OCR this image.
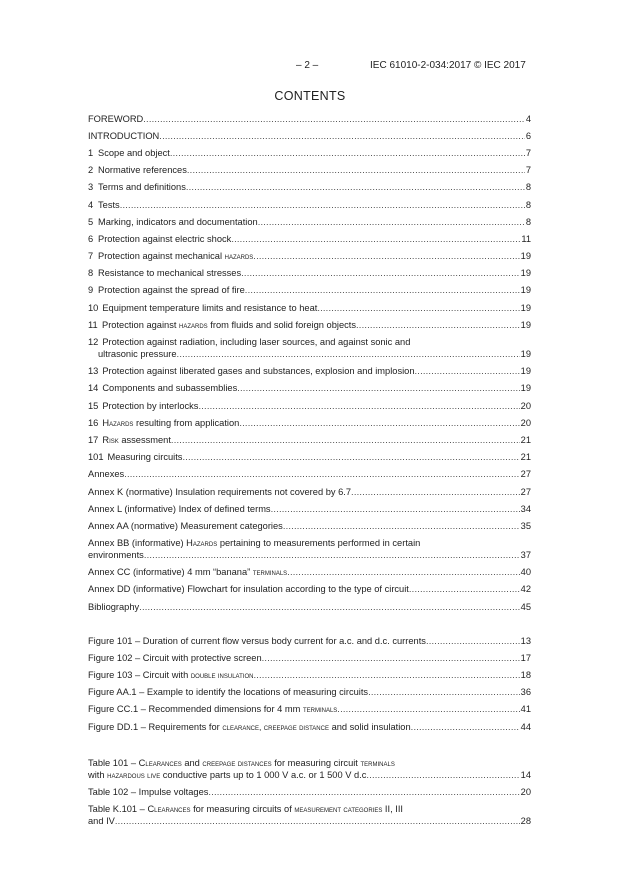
– 2 –	IEC 61010-2-034:2017 © IEC 2017
CONTENTS
FOREWORD .....	4
INTRODUCTION .....	6
1 Scope and object .....	7
2 Normative references .....	7
3 Terms and definitions .....	8
4 Tests .....	8
5 Marking, indicators and documentation .....	8
6 Protection against electric shock .....	11
7 Protection against mechanical hazards .....	19
8 Resistance to mechanical stresses .....	19
9 Protection against the spread of fire .....	19
10 Equipment temperature limits and resistance to heat .....	19
11 Protection against hazards from fluids and solid foreign objects .....	19
12 Protection against radiation, including laser sources, and against sonic and
ultrasonic pressure .....	19
13 Protection against liberated gases and substances, explosion and implosion .....	19
14 Components and subassemblies .....	19
15 Protection by interlocks .....	20
16 Hazards resulting from application .....	20
17 Risk assessment .....	21
101 Measuring circuits .....	21
Annexes .....	27
Annex K (normative) Insulation requirements not covered by 6.7 .....	27
Annex L (informative) Index of defined terms .....	34
Annex AA (normative) Measurement categories .....	35
Annex BB (informative) Hazards pertaining to measurements performed in certain
environments .....	37
Annex CC (informative) 4 mm “banana” terminals .....	40
Annex DD (informative) Flowchart for insulation according to the type of circuit .....	42
Bibliography .....	45
Figure 101 – Duration of current flow versus body current for a.c. and d.c. currents .....	13
Figure 102 – Circuit with protective screen .....	17
Figure 103 – Circuit with double insulation .....	18
Figure AA.1 – Example to identify the locations of measuring circuits .....	36
Figure CC.1 – Recommended dimensions for 4 mm terminals .....	41
Figure DD.1 – Requirements for clearance, creepage distance and solid insulation .....	44
Table 101 – Clearances and creepage distances for measuring circuit terminals
with hazardous live conductive parts up to 1 000 V a.c. or 1 500 V d.c .....	14
Table 102 – Impulse voltages .....	20
Table K.101 – Clearances for measuring circuits of measurement categories II, III
and IV .....	28
